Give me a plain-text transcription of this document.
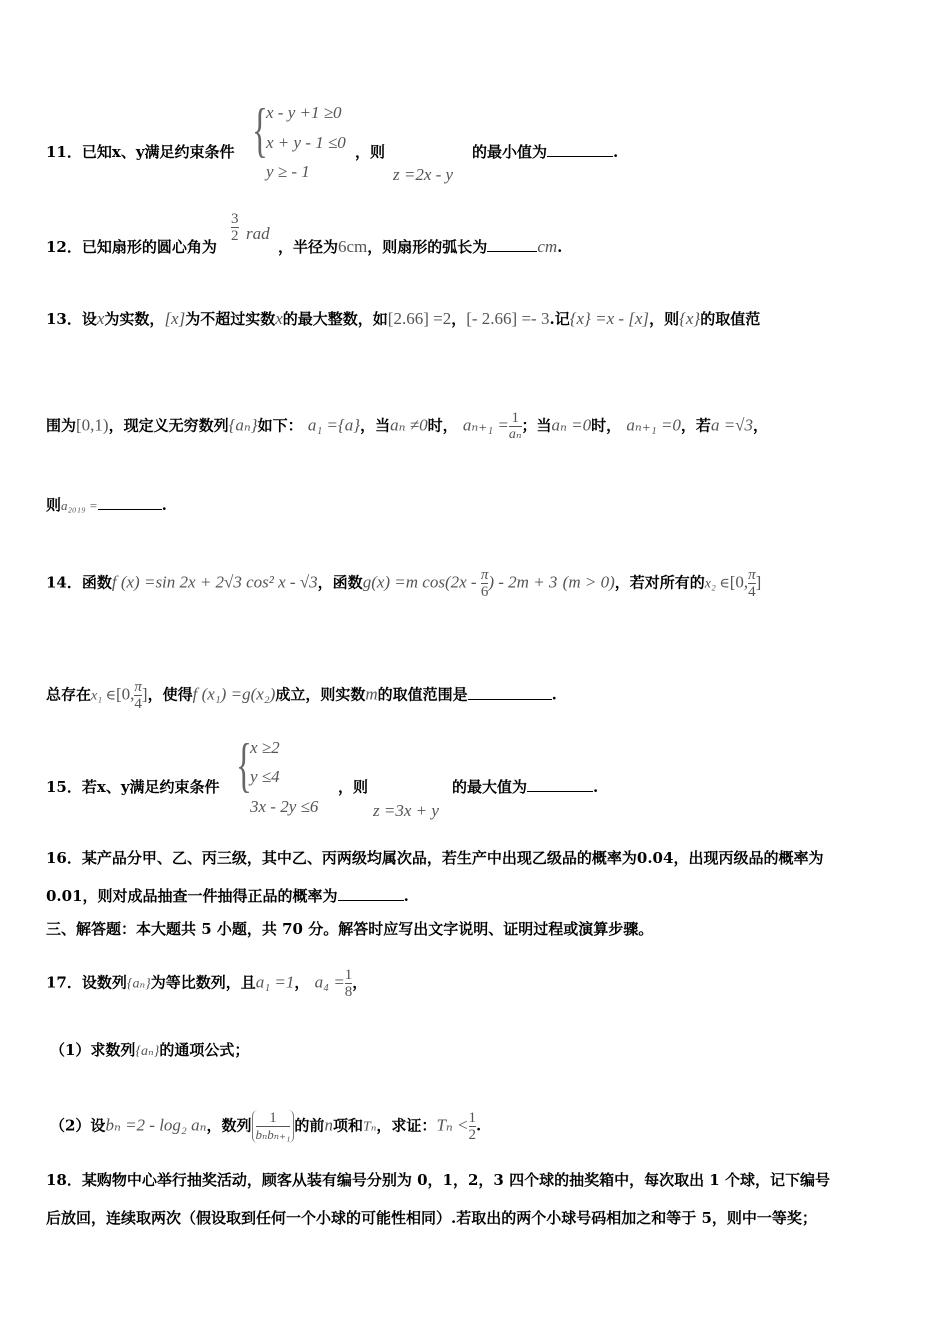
{
x - y +1 ≥0
x + y - 1 ≤0
y ≥ - 1
11．已知x、y满足约束条件	，则
z =2x - y
的最小值为	.
12．已知扇形的圆心角为
$\frac{3}{2}$ rad
，半径为6cm，则扇形的弧长为	cm.
13．设x为实数，[x]为不超过实数x的最大整数，如[2.66] =2，[- 2.66] =- 3.记{x} =x - [x]，则{x}的取值范
围为[0,1)，现定义无穷数列{aₙ}如下： a₁ ={a}，当aₙ ≠0时， $a_{n+1} = \frac{1}{\text{aₙ}}$ ；当aₙ =0时， aₙ₊₁ =0，若a =√3，
则a₂₀₁₉ =	.
14．函数f (x) =sin 2x + 2√3 cos² x - √3，函数g(x) =m $\cos(2x - \frac{\pi}{6}$ ) - 2m + 3 (m > 0)，若对所有的x₂ ∈[0, $\frac{\pi}{4}$ ]
总存在x₁ ∈[0, $\frac{\pi}{4}$ ]，使得f (x₁) =g(x₂)成立，则实数m的取值范围是	.
{
x ≥2
y ≤4
3x - 2y ≤6
15．若x、y满足约束条件	，则
z =3x + y
的最大值为	.
16．某产品分甲、乙、丙三级，其中乙、丙两级均属次品，若生产中出现乙级品的概率为0.04，出现丙级品的概率为
0.01，则对成品抽查一件抽得正品的概率为	.
三、解答题：本大题共 5 小题，共 70 分。解答时应写出文字说明、证明过程或演算步骤。
17．设数列{aₙ}为等比数列，且a₁ =1， $a_4 = \frac{1}{8}$ ，
（1）求数列{aₙ}的通项公式；
（2）设bₙ =2 - log₂ aₙ，数列 $\frac{1}{\text{bₙbₙ₊₁}}$ 的前n项和Tₙ，求证：$T_n < \frac{1}{2}$ .
18．某购物中心举行抽奖活动，顾客从装有编号分别为 0，1，2，3 四个球的抽奖箱中，每次取出 1 个球，记下编号
后放回，连续取两次（假设取到任何一个小球的可能性相同）.若取出的两个小球号码相加之和等于 5，则中一等奖；
